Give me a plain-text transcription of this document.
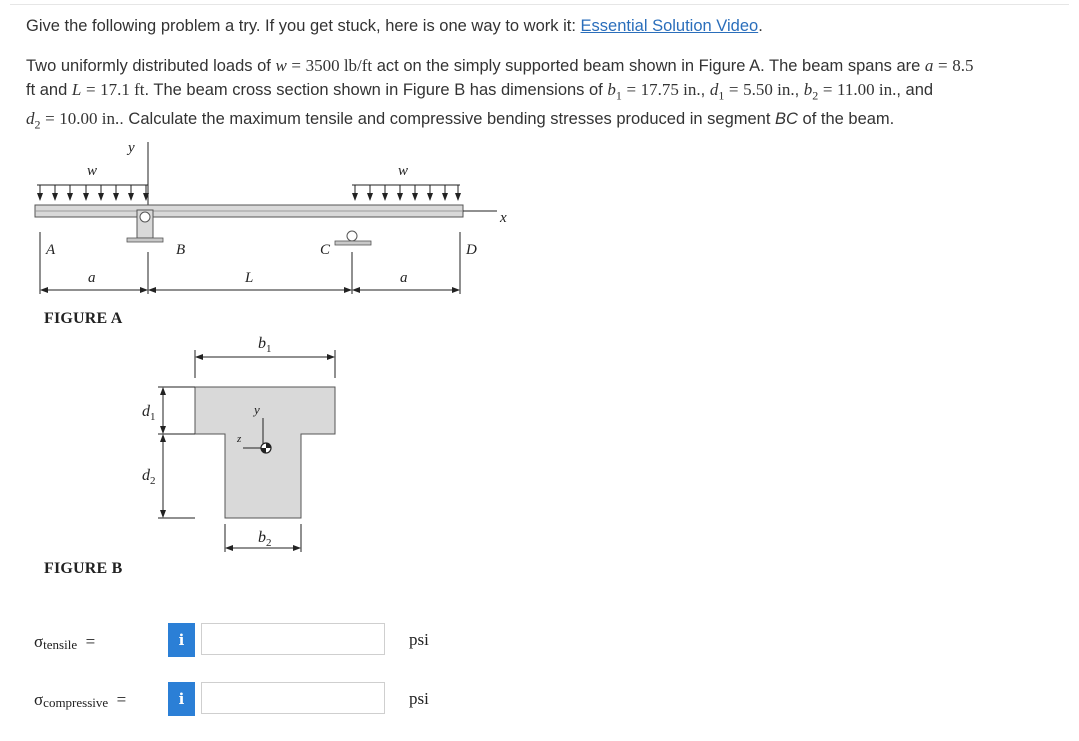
Give the following problem a try. If you get stuck, here is one way to work it: Essential Solution Video.
Two uniformly distributed loads of w = 3500 lb/ft act on the simply supported beam shown in Figure A. The beam spans are a = 8.5
ft and L = 17.1 ft. The beam cross section shown in Figure B has dimensions of $b_1 = 17.75$ in., $d_1 = 5.50$ in., $b_2 = 11.00$ in., and
$d_2 = 10.00$ in.. Calculate the maximum tensile and compressive bending stresses produced in segment BC of the beam.
y
w	w
x
A	B	C	D
a	L	a
FIGURE A
$b_1$
y
z
$d_1$
$d_2$
$b_2$
FIGURE B
$\sigma_{tensile}$ =	i	psi
$\sigma_{compressive}$ =	i	psi
